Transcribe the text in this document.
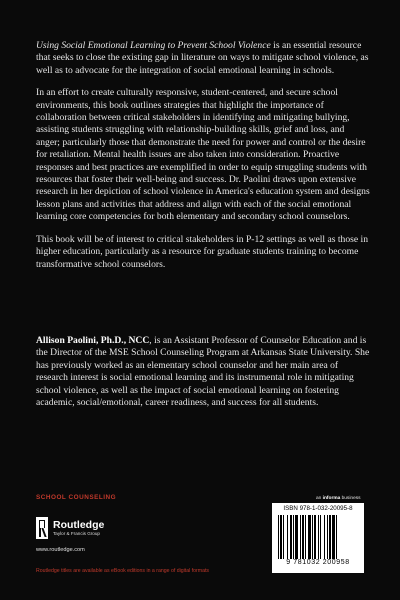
Using Social Emotional Learning to Prevent School Violence is an essential resource that seeks to close the existing gap in literature on ways to mitigate school violence, as well as to advocate for the integration of social emotional learning in schools.

In an effort to create culturally responsive, student-centered, and secure school environments, this book outlines strategies that highlight the importance of collaboration between critical stakeholders in identifying and mitigating bullying, assisting students struggling with relationship-building skills, grief and loss, and anger; particularly those that demonstrate the need for power and control or the desire for retaliation. Mental health issues are also taken into consideration. Proactive responses and best practices are exemplified in order to equip struggling students with resources that foster their well-being and success. Dr. Paolini draws upon extensive research in her depiction of school violence in America's education system and designs lesson plans and activities that address and align with each of the social emotional learning core competencies for both elementary and secondary school counselors.

This book will be of interest to critical stakeholders in P-12 settings as well as those in higher education, particularly as a resource for graduate students training to become transformative school counselors.

Allison Paolini, Ph.D., NCC, is an Assistant Professor of Counselor Education and is the Director of the MSE School Counseling Program at Arkansas State University. She has previously worked as an elementary school counselor and her main area of research interest is social emotional learning and its instrumental role in mitigating school violence, as well as the impact of social emotional learning on fostering academic, social/emotional, career readiness, and success for all students.

SCHOOL COUNSELING
Routledge
Taylor & Francis Group
www.routledge.com
Routledge titles are available as eBook editions in a range of digital formats
an informa business
ISBN 978-1-032-20095-8
9 781032 200958
